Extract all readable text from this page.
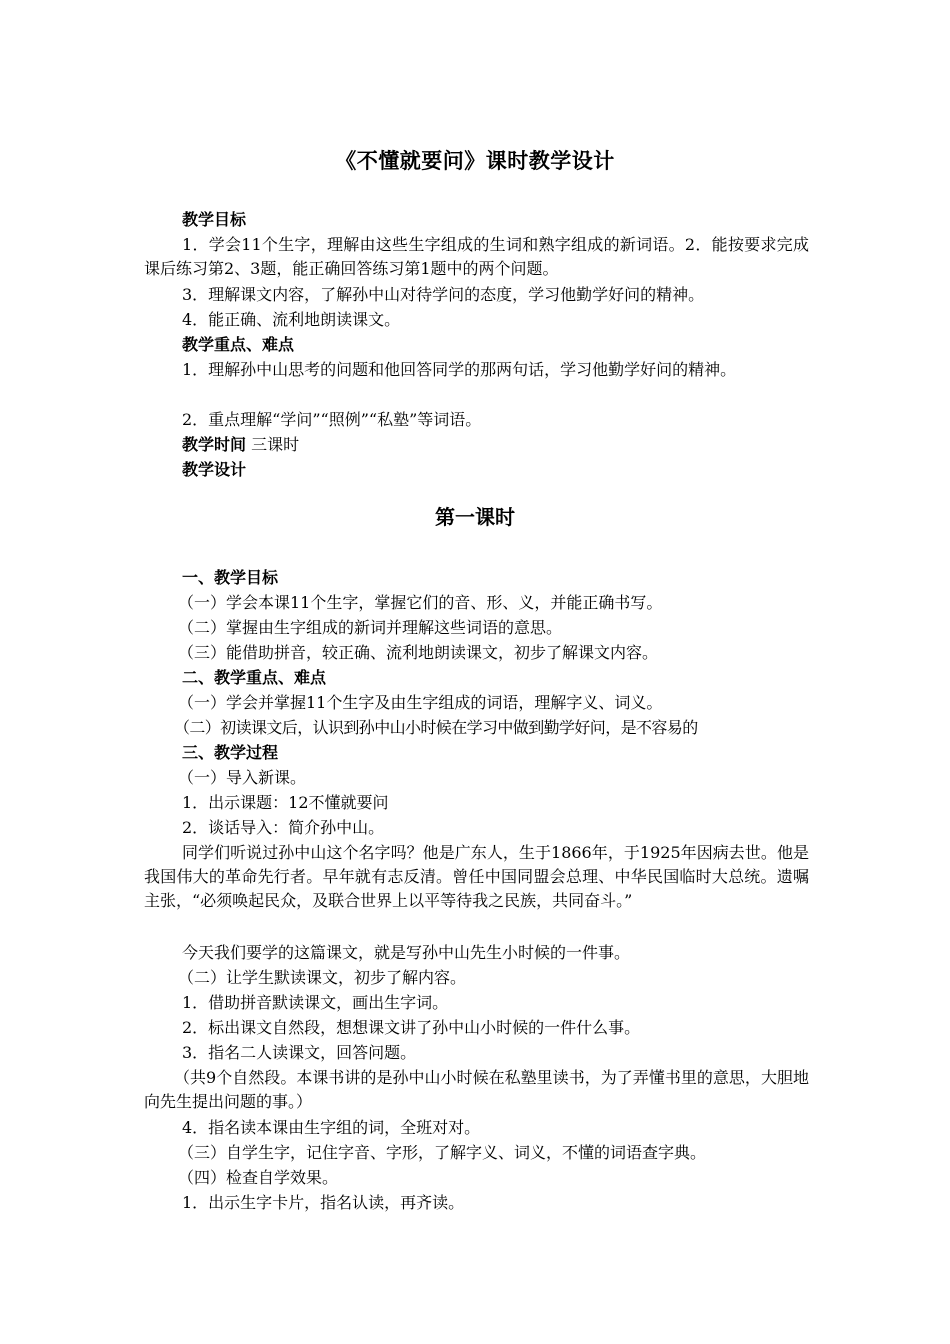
《不懂就要问》课时教学设计
教学目标
1．学会11个生字，理解由这些生字组成的生词和熟字组成的新词语。2．能按要求完成课后练习第2、3题，能正确回答练习第1题中的两个问题。
3．理解课文内容，了解孙中山对待学问的态度，学习他勤学好问的精神。
4．能正确、流利地朗读课文。
教学重点、难点
1．理解孙中山思考的问题和他回答同学的那两句话，学习他勤学好问的精神。
2．重点理解“学问”“照例”“私塾”等词语。
教学时间 三课时
教学设计
第一课时
一、教学目标
（一）学会本课11个生字，掌握它们的音、形、义，并能正确书写。
（二）掌握由生字组成的新词并理解这些词语的意思。
（三）能借助拼音，较正确、流利地朗读课文，初步了解课文内容。
二、教学重点、难点
（一）学会并掌握11个生字及由生字组成的词语，理解字义、词义。
（二）初读课文后，认识到孙中山小时候在学习中做到勤学好问，是不容易的
三、教学过程
（一）导入新课。
1．出示课题：12不懂就要问
2．谈话导入：简介孙中山。
同学们听说过孙中山这个名字吗？他是广东人，生于1866年，于1925年因病去世。他是我国伟大的革命先行者。早年就有志反清。曾任中国同盟会总理、中华民国临时大总统。遗嘱主张，“必须唤起民众，及联合世界上以平等待我之民族，共同奋斗。”
今天我们要学的这篇课文，就是写孙中山先生小时候的一件事。
（二）让学生默读课文，初步了解内容。
1．借助拼音默读课文，画出生字词。
2．标出课文自然段，想想课文讲了孙中山小时候的一件什么事。
3．指名二人读课文，回答问题。
（共9个自然段。本课书讲的是孙中山小时候在私塾里读书，为了弄懂书里的意思，大胆地向先生提出问题的事。）
4．指名读本课由生字组的词，全班对对。
（三）自学生字，记住字音、字形，了解字义、词义，不懂的词语查字典。
（四）检查自学效果。
1．出示生字卡片，指名认读，再齐读。
